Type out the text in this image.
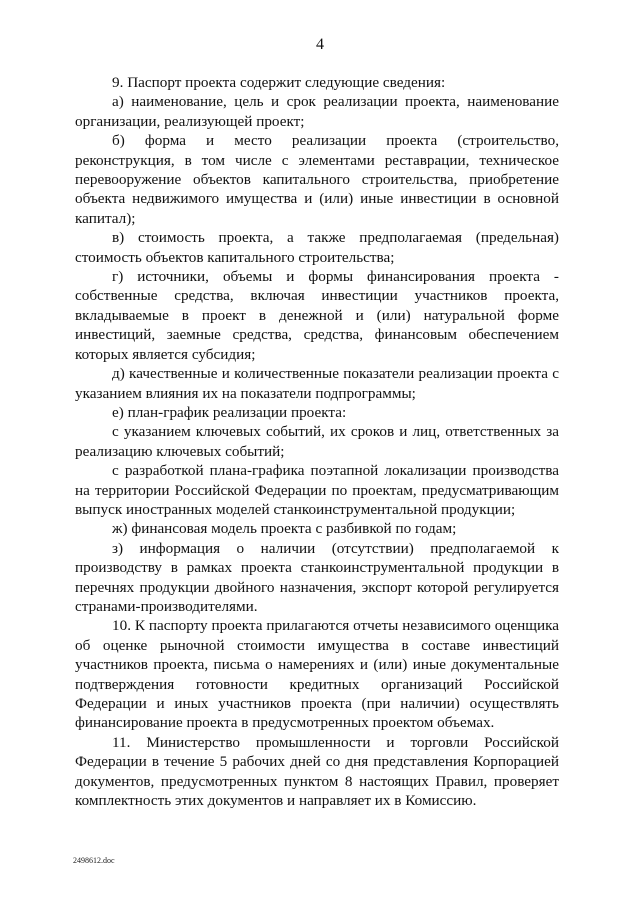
4

9. Паспорт проекта содержит следующие сведения:

а) наименование, цель и срок реализации проекта, наименование организации, реализующей проект;

б) форма и место реализации проекта (строительство, реконструкция, в том числе с элементами реставрации, техническое перевооружение объектов капитального строительства, приобретение объекта недвижимого имущества и (или) иные инвестиции в основной капитал);

в) стоимость проекта, а также предполагаемая (предельная) стоимость объектов капитального строительства;

г) источники, объемы и формы финансирования проекта - собственные средства, включая инвестиции участников проекта, вкладываемые в проект в денежной и (или) натуральной форме инвестиций, заемные средства, средства, финансовым обеспечением которых является субсидия;

д) качественные и количественные показатели реализации проекта с указанием влияния их на показатели подпрограммы;

е) план-график реализации проекта:

с указанием ключевых событий, их сроков и лиц, ответственных за реализацию ключевых событий;

с разработкой плана-графика поэтапной локализации производства на территории Российской Федерации по проектам, предусматривающим выпуск иностранных моделей станкоинструментальной продукции;

ж) финансовая модель проекта с разбивкой по годам;

з) информация о наличии (отсутствии) предполагаемой к производству в рамках проекта станкоинструментальной продукции в перечнях продукции двойного назначения, экспорт которой регулируется странами-производителями.

10. К паспорту проекта прилагаются отчеты независимого оценщика об оценке рыночной стоимости имущества в составе инвестиций участников проекта, письма о намерениях и (или) иные документальные подтверждения готовности кредитных организаций Российской Федерации и иных участников проекта (при наличии) осуществлять финансирование проекта в предусмотренных проектом объемах.

11. Министерство промышленности и торговли Российской Федерации в течение 5 рабочих дней со дня представления Корпорацией документов, предусмотренных пунктом 8 настоящих Правил, проверяет комплектность этих документов и направляет их в Комиссию.

2498612.doc
